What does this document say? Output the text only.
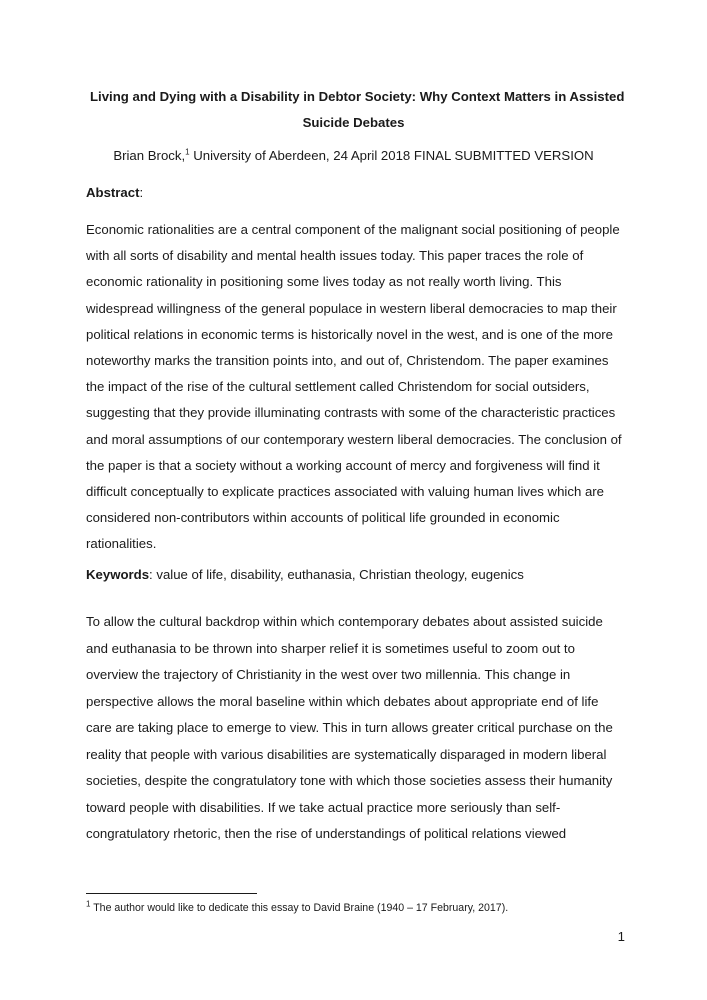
Living and Dying with a Disability in Debtor Society: Why Context Matters in Assisted
Suicide Debates
Brian Brock,$^1$ University of Aberdeen, 24 April 2018 FINAL SUBMITTED VERSION
Abstract:
Economic rationalities are a central component of the malignant social positioning of people
with all sorts of disability and mental health issues today. This paper traces the role of
economic rationality in positioning some lives today as not really worth living. This
widespread willingness of the general populace in western liberal democracies to map their
political relations in economic terms is historically novel in the west, and is one of the more
noteworthy marks the transition points into, and out of, Christendom. The paper examines
the impact of the rise of the cultural settlement called Christendom for social outsiders,
suggesting that they provide illuminating contrasts with some of the characteristic practices
and moral assumptions of our contemporary western liberal democracies. The conclusion of
the paper is that a society without a working account of mercy and forgiveness will find it
difficult conceptually to explicate practices associated with valuing human lives which are
considered non-contributors within accounts of political life grounded in economic
rationalities.
Keywords: value of life, disability, euthanasia, Christian theology, eugenics
To allow the cultural backdrop within which contemporary debates about assisted suicide
and euthanasia to be thrown into sharper relief it is sometimes useful to zoom out to
overview the trajectory of Christianity in the west over two millennia. This change in
perspective allows the moral baseline within which debates about appropriate end of life
care are taking place to emerge to view. This in turn allows greater critical purchase on the
reality that people with various disabilities are systematically disparaged in modern liberal
societies, despite the congratulatory tone with which those societies assess their humanity
toward people with disabilities. If we take actual practice more seriously than self-
congratulatory rhetoric, then the rise of understandings of political relations viewed
$^1$ The author would like to dedicate this essay to David Braine (1940 – 17 February, 2017).
1
